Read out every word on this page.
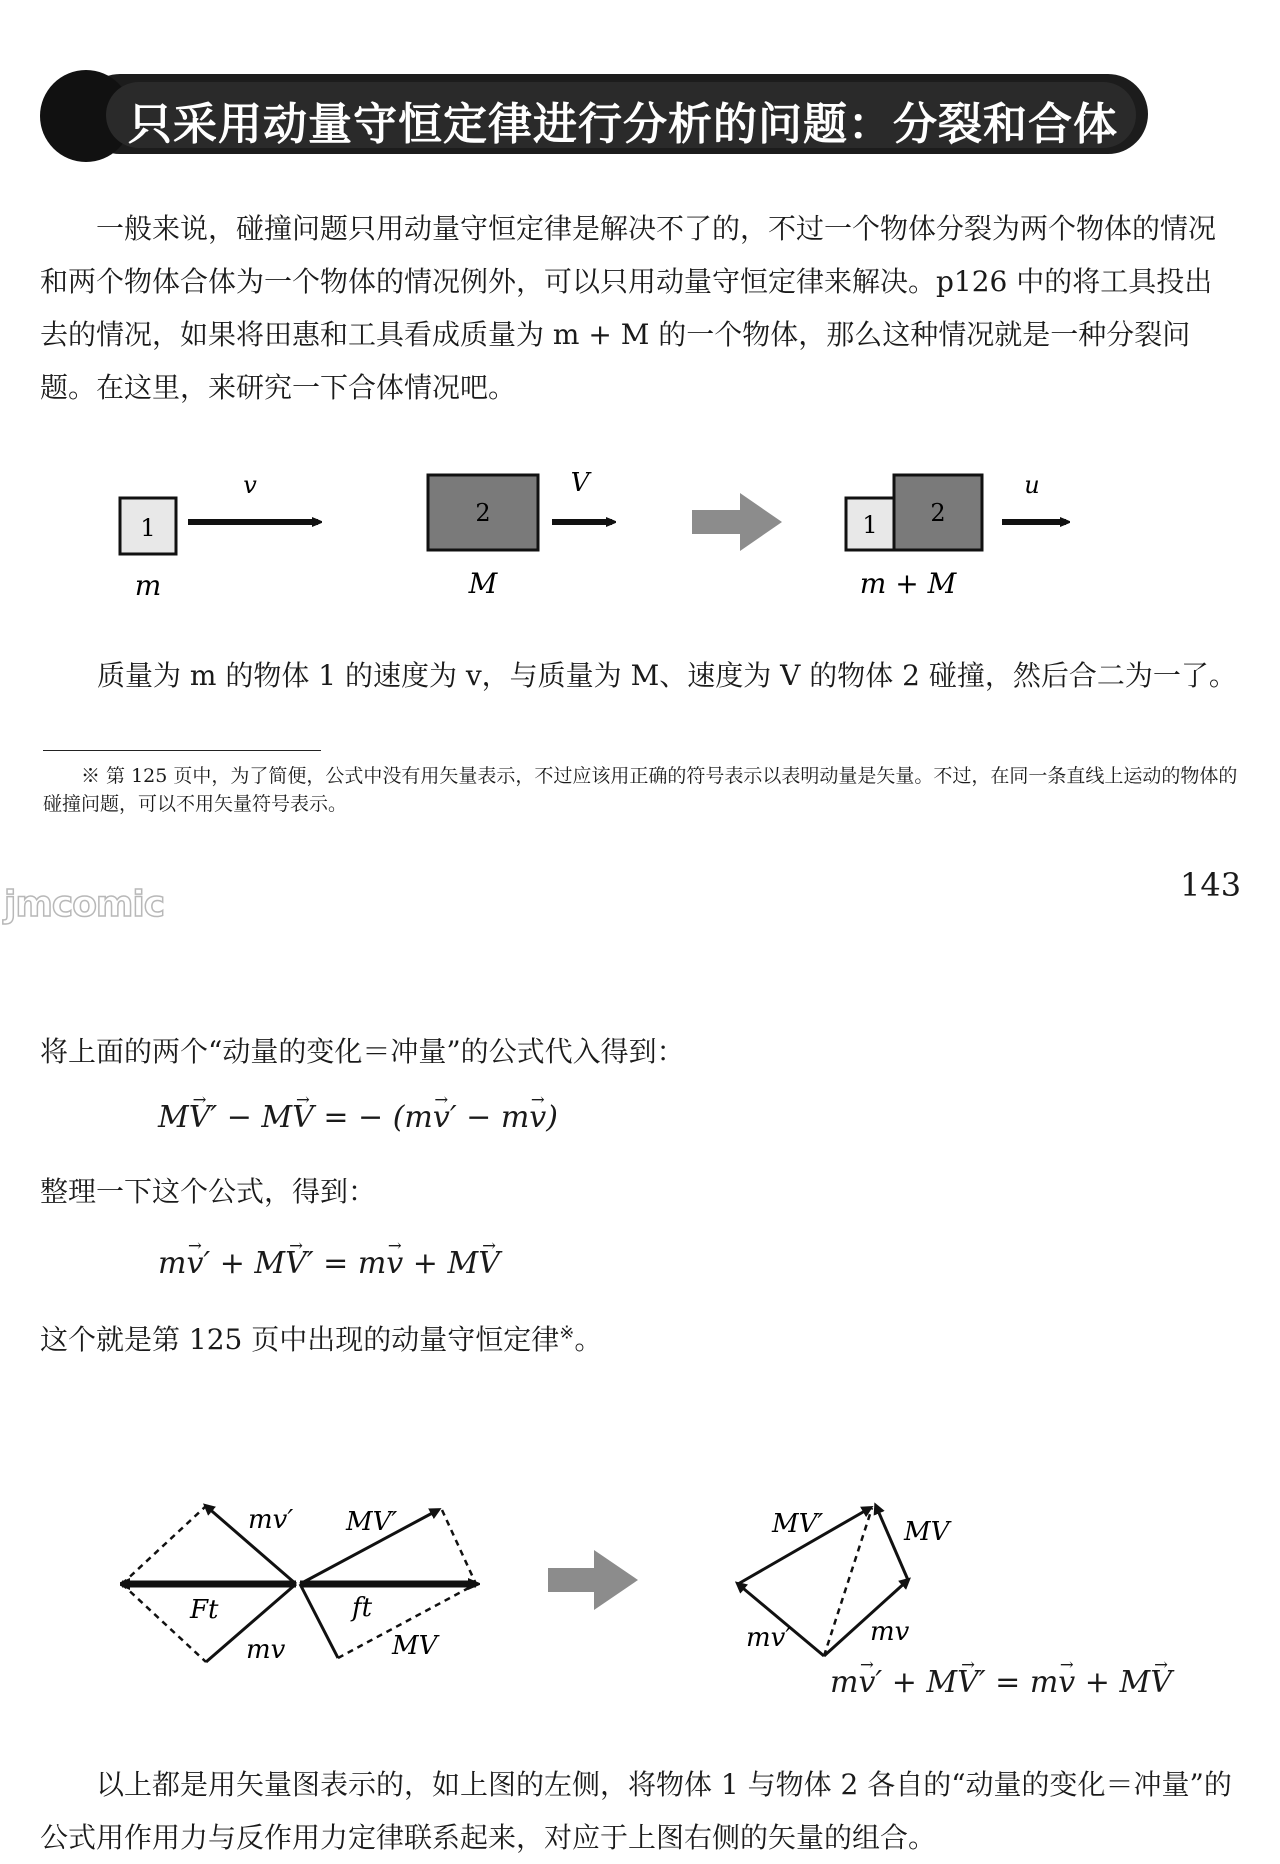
只采用动量守恒定律进行分析的问题：分裂和合体

一般来说，碰撞问题只用动量守恒定律是解决不了的，不过一个物体分裂为两个物体的情况和两个物体合体为一个物体的情况例外，可以只用动量守恒定律来解决。p126 中的将工具投出去的情况，如果将田惠和工具看成质量为 m + M 的一个物体，那么这种情况就是一种分裂问题。在这里，来研究一下合体情况吧。

1
v
m
2
V
M
1 2
u
m + M
质量为 m 的物体 1 的速度为 v，与质量为 M、速度为 V 的物体 2 碰撞，然后合二为一了。
※ 第 125 页中，为了简便，公式中没有用矢量表示，不过应该用正确的符号表示以表明动量是矢量。不过，在同一条直线上运动的物体的碰撞问题，可以不用矢量符号表示。
jmcomic	143
将上面的两个“动量的变化＝冲量”的公式代入得到：
MV →′ − MV → = − (mv →′ − mv →)
整理一下这个公式，得到：
mv →′ + MV →′ = mv → + MV →
这个就是第 125 页中出现的动量守恒定律※。
mv′
Ft
mv
MV′
ft
MV
MV′	MV
mv′	mv
mv →′ + MV →′ = mv → + MV →

以上都是用矢量图表示的，如上图的左侧，将物体 1 与物体 2 各自的“动量的变化＝冲量”的公式用作用力与反作用力定律联系起来，对应于上图右侧的矢量的组合。
